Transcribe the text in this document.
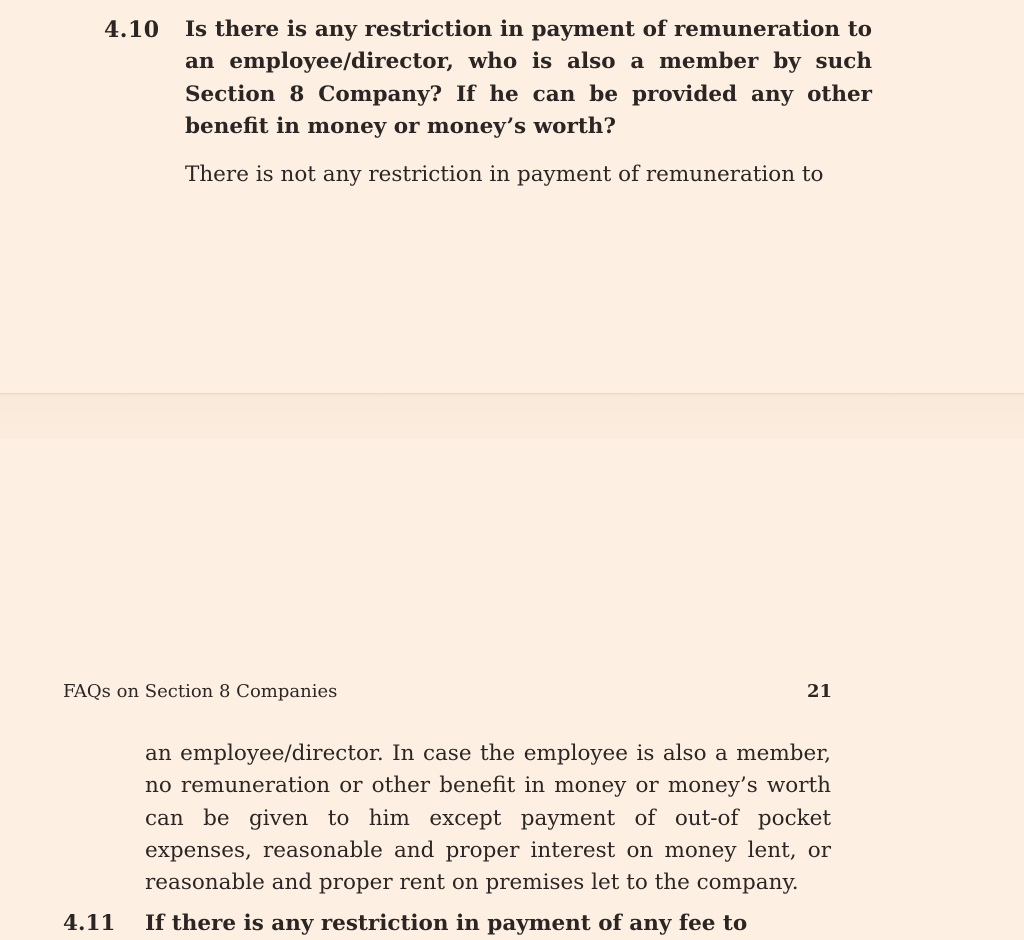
4.10 Is there is any restriction in payment of remuneration to an employee/director, who is also a member by such Section 8 Company? If he can be provided any other benefit in money or money’s worth?

There is not any restriction in payment of remuneration to

FAQs on Section 8 Companies	21

an employee/director. In case the employee is also a member, no remuneration or other benefit in money or money’s worth can be given to him except payment of out-of pocket expenses, reasonable and proper interest on money lent, or reasonable and proper rent on premises let to the company.

4.11 If there is any restriction in payment of any fee to
